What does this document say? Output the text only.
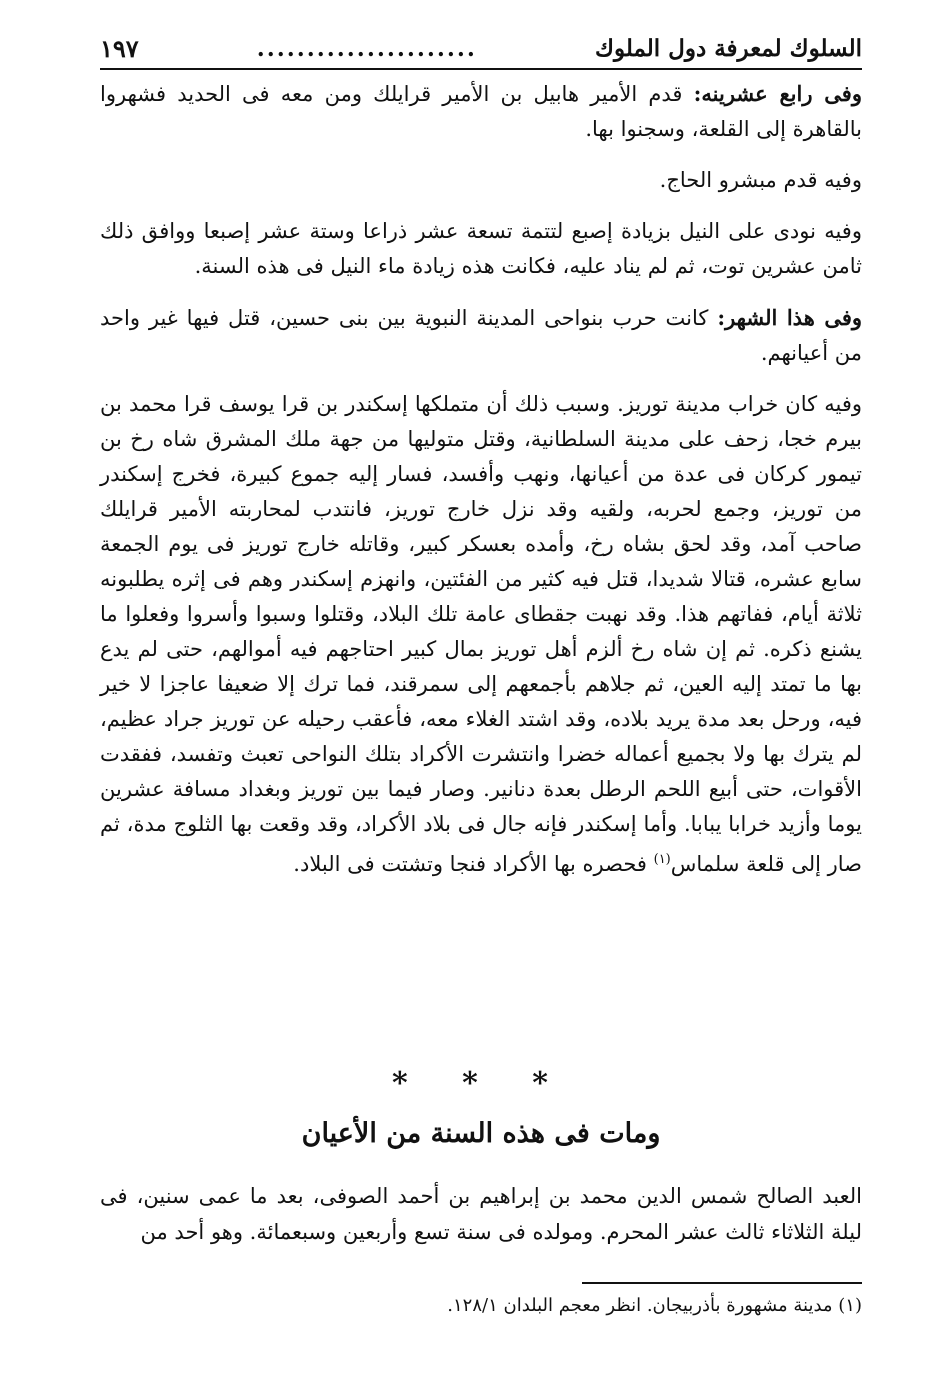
السلوك لمعرفة دول الملوك
......................
١٩٧

وفى رابع عشرينه: قدم الأمير هابيل بن الأمير قرايلك ومن معه فى الحديد فشهروا بالقاهرة إلى القلعة، وسجنوا بها.

وفيه قدم مبشرو الحاج.

وفيه نودى على النيل بزيادة إصبع لتتمة تسعة عشر ذراعا وستة عشر إصبعا ووافق ذلك ثامن عشرين توت، ثم لم يناد عليه، فكانت هذه زيادة ماء النيل فى هذه السنة.

وفى هذا الشهر: كانت حرب بنواحى المدينة النبوية بين بنى حسين، قتل فيها غير واحد من أعيانهم.

وفيه كان خراب مدينة توريز. وسبب ذلك أن متملكها إسكندر بن قرا يوسف قرا محمد بن بيرم خجا، زحف على مدينة السلطانية، وقتل متوليها من جهة ملك المشرق شاه رخ بن تيمور كركان فى عدة من أعيانها، ونهب وأفسد، فسار إليه جموع كبيرة، فخرج إسكندر من توريز، وجمع لحربه، ولقيه وقد نزل خارج توريز، فانتدب لمحاربته الأمير قرايلك صاحب آمد، وقد لحق بشاه رخ، وأمده بعسكر كبير، وقاتله خارج توريز فى يوم الجمعة سابع عشره، قتالا شديدا، قتل فيه كثير من الفئتين، وانهزم إسكندر وهم فى إثره يطلبونه ثلاثة أيام، ففاتهم هذا. وقد نهبت جقطاى عامة تلك البلاد، وقتلوا وسبوا وأسروا وفعلوا ما يشنع ذكره. ثم إن شاه رخ ألزم أهل توريز بمال كبير احتاجهم فيه أموالهم، حتى لم يدع بها ما تمتد إليه العين، ثم جلاهم بأجمعهم إلى سمرقند، فما ترك إلا ضعيفا عاجزا لا خير فيه، ورحل بعد مدة يريد بلاده، وقد اشتد الغلاء معه، فأعقب رحيله عن توريز جراد عظيم، لم يترك بها ولا بجميع أعماله خضرا وانتشرت الأكراد بتلك النواحى تعبث وتفسد، ففقدت الأقوات، حتى أبيع اللحم الرطل بعدة دنانير. وصار فيما بين توريز وبغداد مسافة عشرين يوما وأزيد خرابا يبابا. وأما إسكندر فإنه جال فى بلاد الأكراد، وقد وقعت بها الثلوج مدة، ثم صار إلى قلعة سلماس$^{(١)}$ فحصره بها الأكراد فنجا وتشتت فى البلاد.

* * *
ومات فى هذه السنة من الأعيان

العبد الصالح شمس الدين محمد بن إبراهيم بن أحمد الصوفى، بعد ما عمى سنين، فى ليلة الثلاثاء ثالث عشر المحرم. ومولده فى سنة تسع وأربعين وسبعمائة. وهو أحد من

(١) مدينة مشهورة بأذربيجان. انظر معجم البلدان ١٢٨/١.
